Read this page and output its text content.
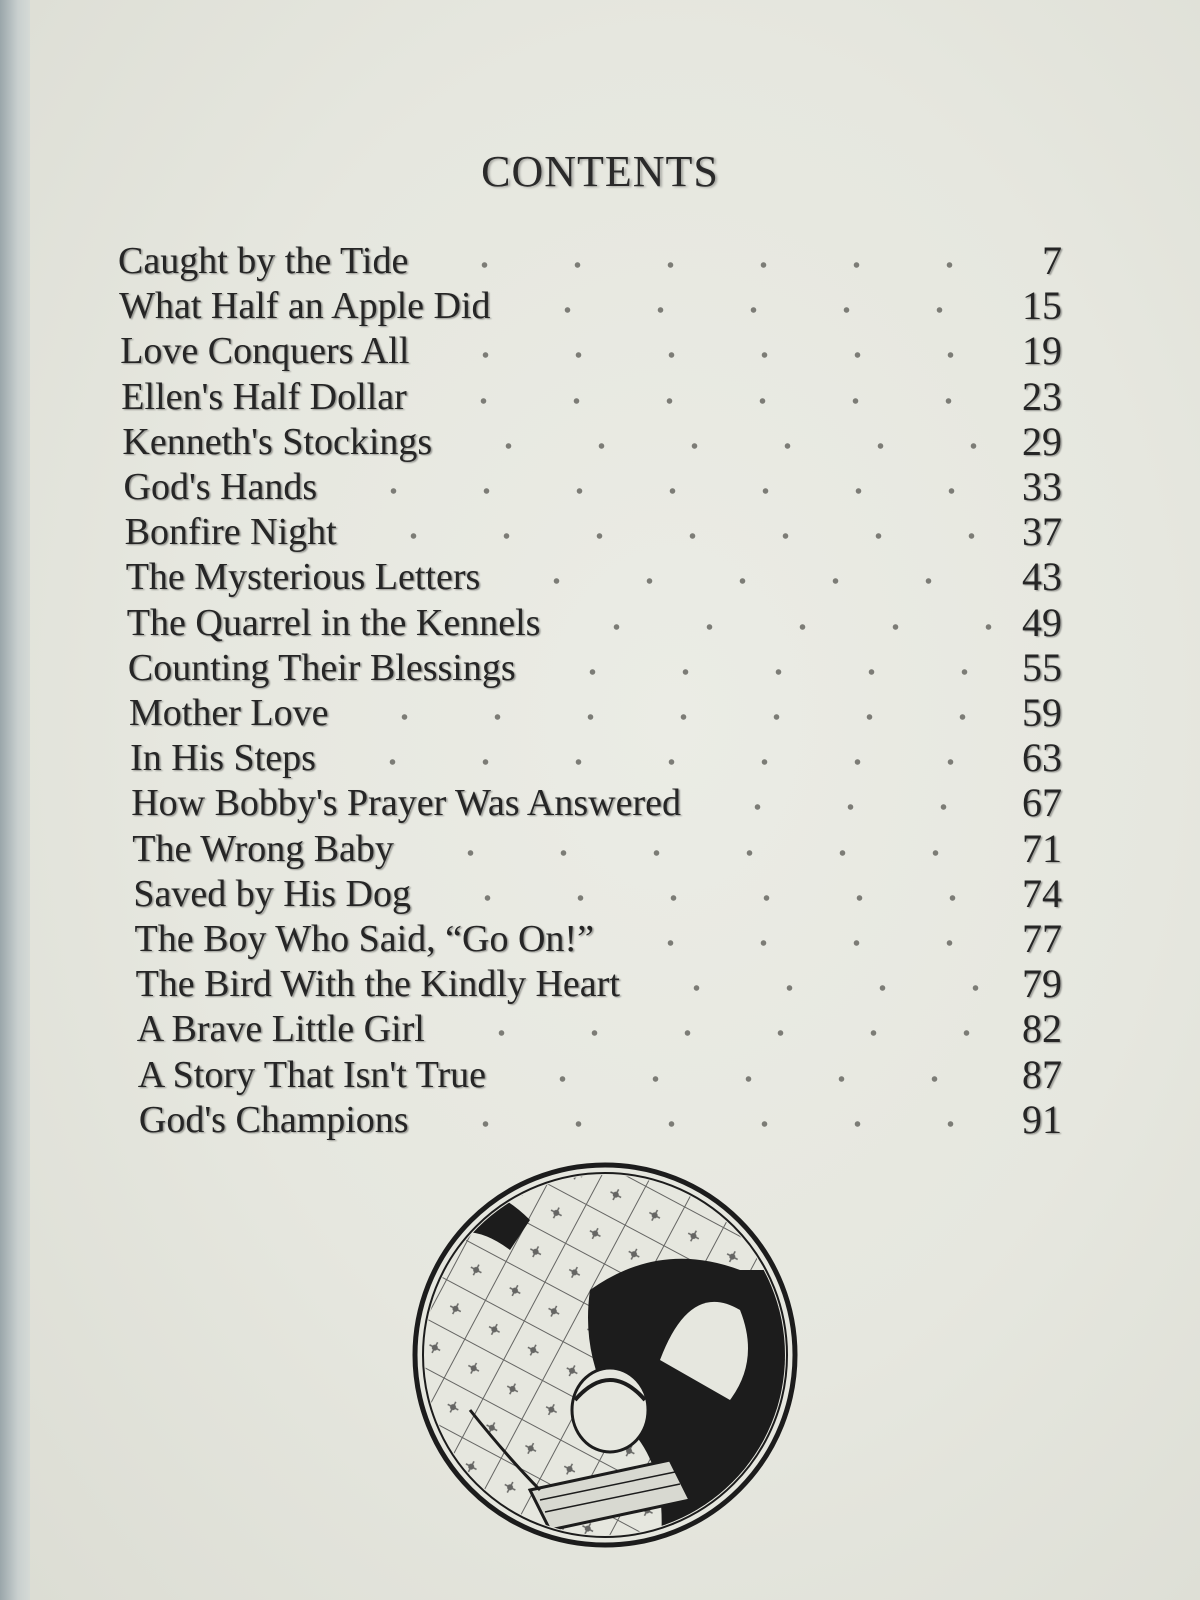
CONTENTS
Caught by the Tide	7
What Half an Apple Did	15
Love Conquers All	19
Ellen's Half Dollar	23
Kenneth's Stockings	29
God's Hands	33
Bonfire Night	37
The Mysterious Letters	43
The Quarrel in the Kennels	49
Counting Their Blessings	55
Mother Love	59
In His Steps	63
How Bobby's Prayer Was Answered	67
The Wrong Baby	71
Saved by His Dog	74
The Boy Who Said, “Go On!”	77
The Bird With the Kindly Heart	79
A Brave Little Girl	82
A Story That Isn't True	87
God's Champions	91
